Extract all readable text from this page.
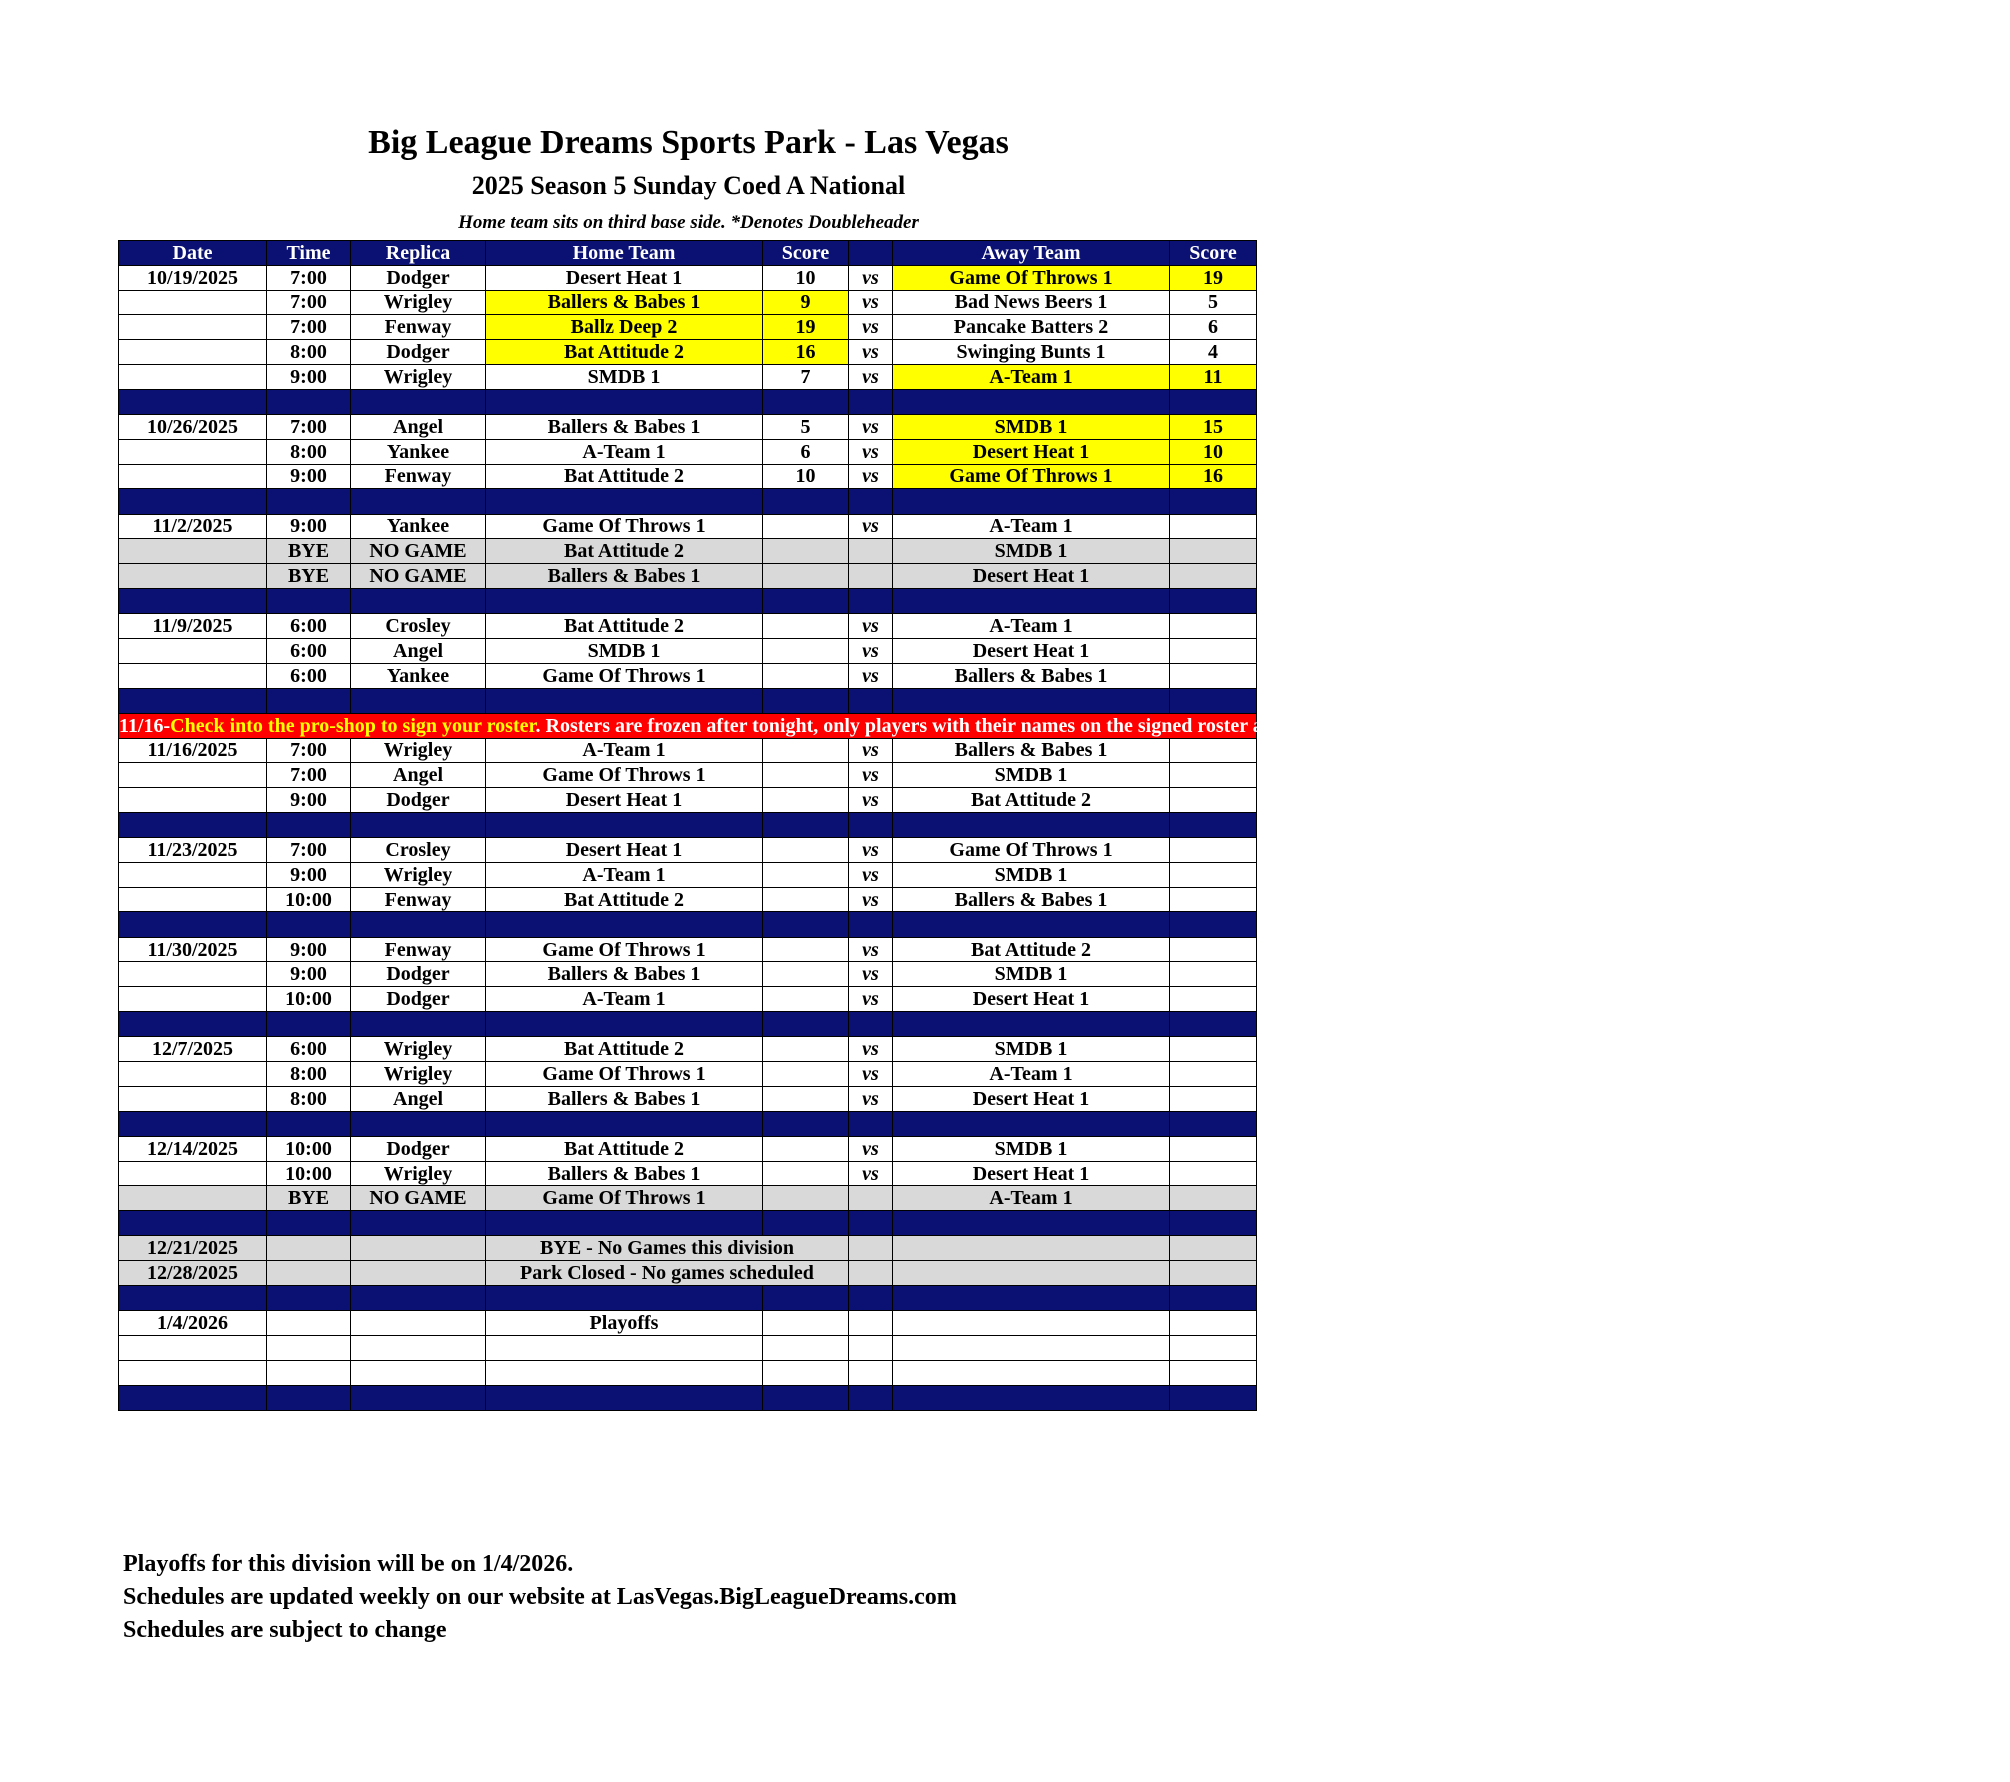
Big League Dreams Sports Park - Las Vegas
2025 Season 5 Sunday Coed A National
Home team sits on third base side. *Denotes Doubleheader
Date	Time	Replica	Home Team	Score		Away Team	Score
10/19/2025	7:00	Dodger	Desert Heat 1	10	vs	Game Of Throws 1	19
	7:00	Wrigley	Ballers & Babes 1	9	vs	Bad News Beers 1	5
	7:00	Fenway	Ballz Deep 2	19	vs	Pancake Batters 2	6
	8:00	Dodger	Bat Attitude 2	16	vs	Swinging Bunts 1	4
	9:00	Wrigley	SMDB 1	7	vs	A-Team 1	11

10/26/2025	7:00	Angel	Ballers & Babes 1	5	vs	SMDB 1	15
	8:00	Yankee	A-Team 1	6	vs	Desert Heat 1	10
	9:00	Fenway	Bat Attitude 2	10	vs	Game Of Throws 1	16

11/2/2025	9:00	Yankee	Game Of Throws 1		vs	A-Team 1	
	BYE	NO GAME	Bat Attitude 2			SMDB 1	
	BYE	NO GAME	Ballers & Babes 1			Desert Heat 1	

11/9/2025	6:00	Crosley	Bat Attitude 2		vs	A-Team 1	
	6:00	Angel	SMDB 1		vs	Desert Heat 1	
	6:00	Yankee	Game Of Throws 1		vs	Ballers & Babes 1	

11/16-Check into the pro-shop to sign your roster. Rosters are frozen after tonight, only players with their names on the signed roster are eligible for playoffs. Please check carefully as changes will not be made for omissions.							
11/16/2025	7:00	Wrigley	A-Team 1		vs	Ballers & Babes 1	
	7:00	Angel	Game Of Throws 1		vs	SMDB 1	
	9:00	Dodger	Desert Heat 1		vs	Bat Attitude 2	

11/23/2025	7:00	Crosley	Desert Heat 1		vs	Game Of Throws 1	
	9:00	Wrigley	A-Team 1		vs	SMDB 1	
	10:00	Fenway	Bat Attitude 2		vs	Ballers & Babes 1	

11/30/2025	9:00	Fenway	Game Of Throws 1		vs	Bat Attitude 2	
	9:00	Dodger	Ballers & Babes 1		vs	SMDB 1	
	10:00	Dodger	A-Team 1		vs	Desert Heat 1	

12/7/2025	6:00	Wrigley	Bat Attitude 2		vs	SMDB 1	
	8:00	Wrigley	Game Of Throws 1		vs	A-Team 1	
	8:00	Angel	Ballers & Babes 1		vs	Desert Heat 1	

12/14/2025	10:00	Dodger	Bat Attitude 2		vs	SMDB 1	
	10:00	Wrigley	Ballers & Babes 1		vs	Desert Heat 1	
	BYE	NO GAME	Game Of Throws 1			A-Team 1	

12/21/2025			BYE - No Games this division				
12/28/2025			Park Closed - No games scheduled				

1/4/2026			Playoffs				

Playoffs for this division will be on 1/4/2026.
Schedules are updated weekly on our website at LasVegas.BigLeagueDreams.com
Schedules are subject to change
